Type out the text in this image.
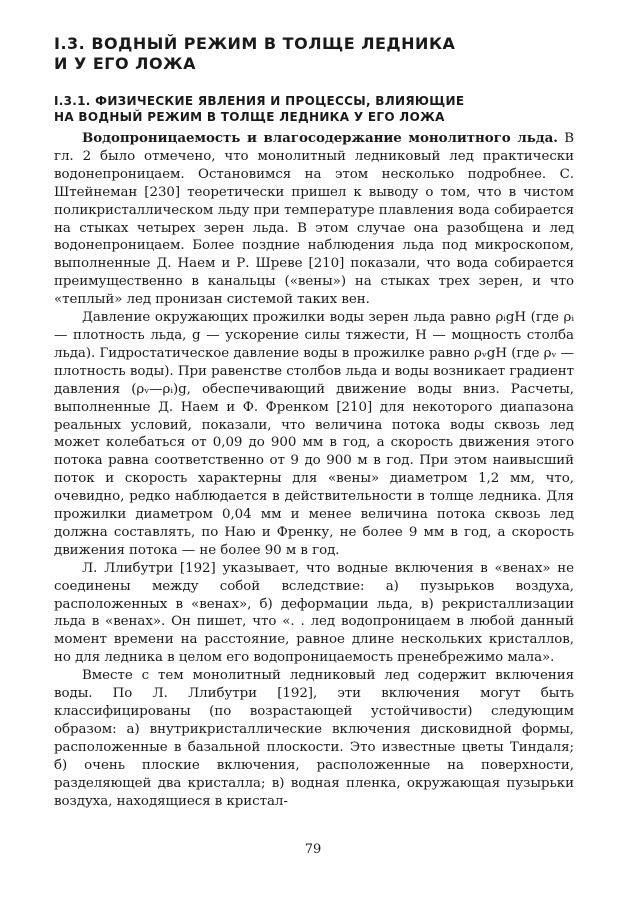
I.3. ВОДНЫЙ РЕЖИМ В ТОЛЩЕ ЛЕДНИКА
И У ЕГО ЛОЖА
I.3.1. ФИЗИЧЕСКИЕ ЯВЛЕНИЯ И ПРОЦЕССЫ, ВЛИЯЮЩИЕ
НА ВОДНЫЙ РЕЖИМ В ТОЛЩЕ ЛЕДНИКА У ЕГО ЛОЖА

Водопроницаемость и влагосодержание монолитного льда. В гл. 2 было отмечено, что монолитный ледниковый лед практически водонепроницаем. Остановимся на этом несколько подробнее. С. Штейнеман [230] теоретически пришел к выводу о том, что в чистом поликристаллическом льду при температуре плавления вода собирается на стыках четырех зерен льда. В этом случае она разобщена и лед водонепроницаем. Более поздние наблюдения льда под микроскопом, выполненные Д. Наем и Р. Шреве [210] показали, что вода собирается преимущественно в канальцы («вены») на стыках трех зерен, и что «теплый» лед пронизан системой таких вен.

Давление окружающих прожилки воды зерен льда равно ρᵢgH (где ρᵢ — плотность льда, g — ускорение силы тяжести, H — мощность столба льда). Гидростатическое давление воды в прожилке равно ρᵥgH (где ρᵥ — плотность воды). При равенстве столбов льда и воды возникает градиент давления (ρᵥ—ρᵢ)g, обеспечивающий движение воды вниз. Расчеты, выполненные Д. Наем и Ф. Френком [210] для некоторого диапазона реальных условий, показали, что величина потока воды сквозь лед может колебаться от 0,09 до 900 мм в год, а скорость движения этого потока равна соответственно от 9 до 900 м в год. При этом наивысший поток и скорость характерны для «вены» диаметром 1,2 мм, что, очевидно, редко наблюдается в действительности в толще ледника. Для прожилки диаметром 0,04 мм и менее величина потока сквозь лед должна составлять, по Наю и Френку, не более 9 мм в год, а скорость движения потока — не более 90 м в год.

Л. Ллибутри [192] указывает, что водные включения в «венах» не соединены между собой вследствие: а) пузырьков воздуха, расположенных в «венах», б) деформации льда, в) рекристаллизации льда в «венах». Он пишет, что «. . лед водопроницаем в любой данный момент времени на расстояние, равное длине нескольких кристаллов, но для ледника в целом его водопроницаемость пренебрежимо мала».

Вместе с тем монолитный ледниковый лед содержит включения воды. По Л. Ллибутри [192], эти включения могут быть классифицированы (по возрастающей устойчивости) следующим образом: а) внутрикристаллические включения дисковидной формы, расположенные в базальной плоскости. Это известные цветы Тиндаля; б) очень плоские включения, расположенные на поверхности, разделяющей два кристалла; в) водная пленка, окружающая пузырьки воздуха, находящиеся в кристал-

79
